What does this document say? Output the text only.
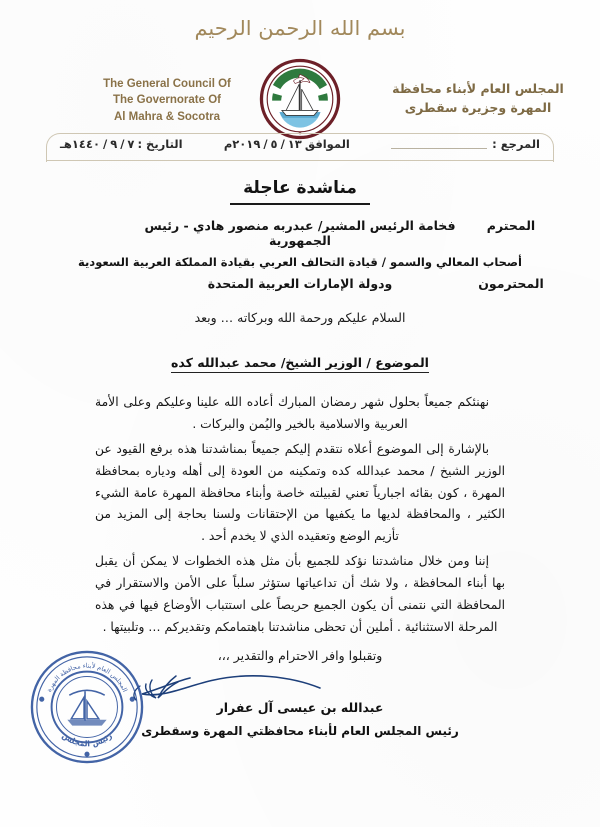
بسم الله الرحمن الرحيم
The General Council Of
The Governorate Of
Al Mahra & Socotra
المجلس العام لأبناء محافظة
المهرة وجزيرة سقطرى
★
المرجع :
الموافق
١٣
/
٥
/
٢٠١٩م
التاريخ :
٧
/
٩
/
١٤٤٠هـ
مناشدة عاجلة
المحترم
فخامة الرئيس المشير/ عبدربه منصور هادي - رئيس الجمهورية
أصحاب المعالي والسمو / قيادة التحالف العربي بقيادة المملكة العربية السعودية
المحترمون
ودولة الإمارات العربية المتحدة
السلام عليكم ورحمة الله وبركاته … وبعد
الموضوع / الوزير الشيخ/ محمد عبدالله كده

نهنئكم جميعاً بحلول شهر رمضان المبارك أعاده الله علينا وعليكم وعلى الأمة العربية والاسلامية بالخير واليُمن والبركات .

بالإشارة إلى الموضوع أعلاه نتقدم إليكم جميعاً بمناشدتنا هذه برفع القيود عن الوزير الشيخ / محمد عبدالله كده وتمكينه من العودة إلى أهله ودياره بمحافظة المهرة ، كون بقائه اجبارياً تعني لقبيلته خاصة وأبناء محافظة المهرة عامة الشيء الكثير ، والمحافظة لديها ما يكفيها من الإحتقانات ولسنا بحاجة إلى المزيد من تأزيم الوضع وتعقيده الذي لا يخدم أحد .

إننا ومن خلال مناشدتنا نؤكد للجميع بأن مثل هذه الخطوات لا يمكن أن يقبل بها أبناء المحافظة ، ولا شك أن تداعياتها ستؤثر سلباً على الأمن والاستقرار في المحافظة التي نتمنى أن يكون الجميع حريصاً على استتباب الأوضاع فيها في هذه المرحلة الاستثنائية . أملين أن تحظى مناشدتنا باهتمامكم وتقديركم … وتلبيتها .

وتقبلوا وافر الاحترام والتقدير ،،،
المجلس العام لأبناء محافظة المهرة
رئيس المجلس
عبدالله بن عيسى آل عفرار
رئيس المجلس العام لأبناء محافظتي المهرة وسقطرى
